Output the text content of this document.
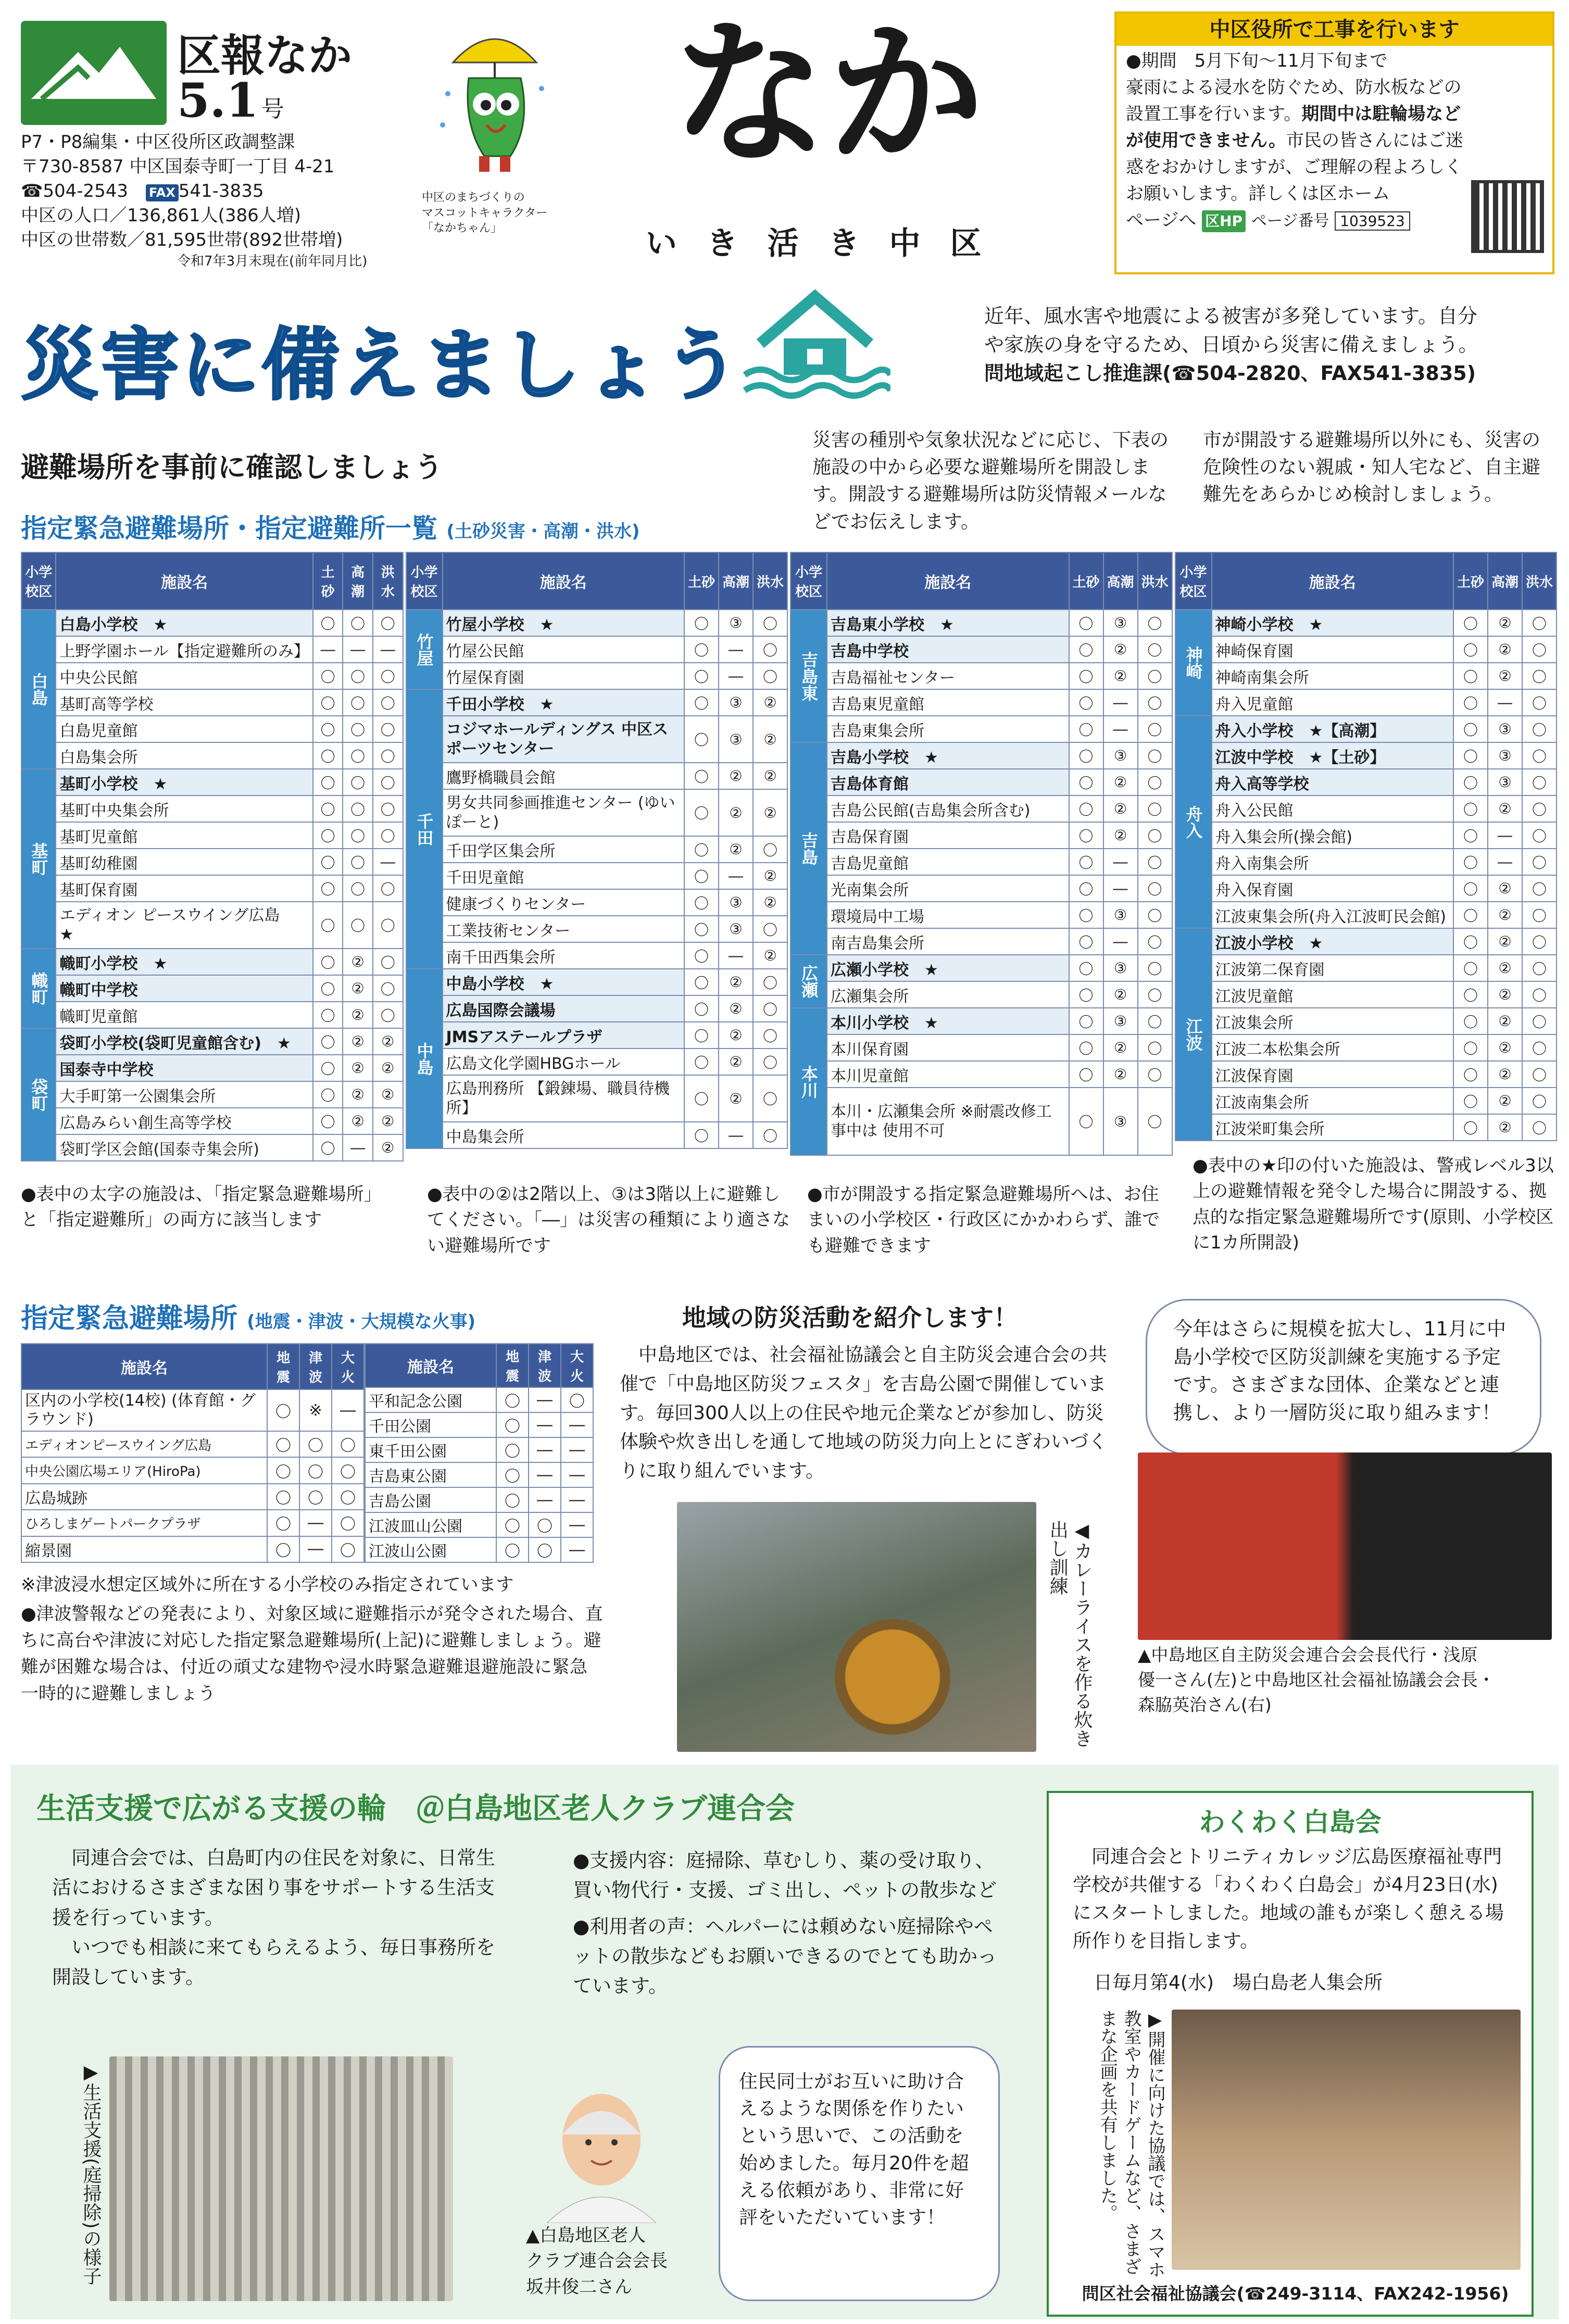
区報なか
5.1 号
P7・P8編集・中区役所区政調整課
〒730-8587 中区国泰寺町一丁目 4-21
☎504-2543　 FAX 541-3835
中区の人口／136,861人(386人増)
中区の世帯数／81,595世帯(892世帯増)
令和7年3月末現在(前年同月比)
中区のまちづくりの
マスコットキャラクター
「なかちゃん」
なか
い き 活 き 中 区
中区役所で工事を行います
●期間　5月下旬～11月下旬まで
豪雨による浸水を防ぐため、防水板などの
設置工事を行います。期間中は駐輪場など
が使用できません。市民の皆さんにはご迷
惑をおかけしますが、ご理解の程よろしく
お願いします。詳しくは区ホーム
ページへ 区HP ページ番号 1039523
災害に備えましょう
近年、風水害や地震による被害が多発しています。自分
や家族の身を守るため、日頃から災害に備えましょう。
問地域起こし推進課(☎504-2820、FAX541-3835)
避難場所を事前に確認しましょう
指定緊急避難場所・指定避難所一覧 (土砂災害・高潮・洪水)
災害の種別や気象状況などに応じ、下表の施設の中から必要な避難場所を開設します。開設する避難場所は防災情報メールなどでお伝えします。
市が開設する避難場所以外にも、災害の危険性のない親戚・知人宅など、自主避難先をあらかじめ検討しましょう。
小学校区	施設名	土砂	高潮	洪水
白島	白島小学校　★	〇	〇	〇
	上野学園ホール【指定避難所のみ】	―	―	―
	中央公民館	〇	〇	〇
	基町高等学校	〇	〇	〇
	白島児童館	〇	〇	〇
	白島集会所	〇	〇	〇
基町	基町小学校　★	〇	〇	〇
	基町中央集会所	〇	〇	〇
	基町児童館	〇	〇	〇
	基町幼稚園	〇	〇	―
	基町保育園	〇	〇	〇
	エディオン ピースウイング広島　★	〇	〇	〇
幟町	幟町小学校　★	〇	②	〇
	幟町中学校	〇	②	〇
	幟町児童館	〇	②	〇
袋町	袋町小学校(袋町児童館含む)　★	〇	②	②
	国泰寺中学校	〇	②	②
	大手町第一公園集会所	〇	②	②
	広島みらい創生高等学校	〇	②	②
	袋町学区会館(国泰寺集会所)	〇	―	②
小学校区	施設名	土砂	高潮	洪水
竹屋	竹屋小学校　★	〇	③	〇
	竹屋公民館	〇	―	〇
	竹屋保育園	〇	―	〇
千田	千田小学校　★	〇	③	②
	コジマホールディングス 中区スポーツセンター	〇	③	②
	鷹野橋職員会館	〇	②	②
	男女共同参画推進センター (ゆいぽーと)	〇	②	②
	千田学区集会所	〇	②	〇
	千田児童館	〇	―	②
	健康づくりセンター	〇	③	②
	工業技術センター	〇	③	〇
	南千田西集会所	〇	―	②
中島	中島小学校　★	〇	②	〇
	広島国際会議場	〇	②	〇
	JMSアステールプラザ	〇	②	〇
	広島文化学園HBGホール	〇	②	〇
	広島刑務所 【鍛錬場、職員待機所】	〇	②	〇
	中島集会所	〇	―	〇
小学校区	施設名	土砂	高潮	洪水
吉島東	吉島東小学校　★	〇	③	〇
	吉島中学校	〇	②	〇
	吉島福祉センター	〇	②	〇
	吉島東児童館	〇	―	〇
	吉島東集会所	〇	―	〇
吉島	吉島小学校　★	〇	③	〇
	吉島体育館	〇	②	〇
	吉島公民館(吉島集会所含む)	〇	②	〇
	吉島保育園	〇	②	〇
	吉島児童館	〇	―	〇
	光南集会所	〇	―	〇
	環境局中工場	〇	③	〇
	南吉島集会所	〇	―	〇
広瀬	広瀬小学校　★	〇	③	〇
	広瀬集会所	〇	②	〇
本川	本川小学校　★	〇	③	〇
	本川保育園	〇	②	〇
	本川児童館	〇	②	〇
	本川・広瀬集会所 ※耐震改修工事中は 使用不可	〇	③	〇
小学校区	施設名	土砂	高潮	洪水
神崎	神崎小学校　★	〇	②	〇
	神崎保育園	〇	②	〇
	神崎南集会所	〇	②	〇
	舟入児童館	〇	―	〇
舟入	舟入小学校　★【高潮】	〇	③	〇
	江波中学校　★【土砂】	〇	③	〇
	舟入高等学校	〇	③	〇
	舟入公民館	〇	②	〇
	舟入集会所(操会館)	〇	―	〇
	舟入南集会所	〇	―	〇
	舟入保育園	〇	②	〇
	江波東集会所(舟入江波町民会館)	〇	②	〇
江波	江波小学校　★	〇	②	〇
	江波第二保育園	〇	②	〇
	江波児童館	〇	②	〇
	江波集会所	〇	②	〇
	江波二本松集会所	〇	②	〇
	江波保育園	〇	②	〇
	江波南集会所	〇	②	〇
	江波栄町集会所	〇	②	〇
●表中の太字の施設は、「指定緊急避難場所」と「指定避難所」の両方に該当します
●表中の②は2階以上、③は3階以上に避難してください。「―」は災害の種類により適さない避難場所です
●市が開設する指定緊急避難場所へは、お住まいの小学校区・行政区にかかわらず、誰でも避難できます
●表中の★印の付いた施設は、警戒レベル3以上の避難情報を発令した場合に開設する、拠点的な指定緊急避難場所です(原則、小学校区に1カ所開設)
指定緊急避難場所 (地震・津波・大規模な火事)
施設名	地震	津波	大火
区内の小学校(14校) (体育館・グラウンド)	〇	※	―
エディオンピースウイング広島	〇	〇	〇
中央公園広場エリア(HiroPa)	〇	〇	〇
広島城跡	〇	〇	〇
ひろしまゲートパークプラザ	〇	―	〇
縮景園	〇	―	〇
施設名	地震	津波	大火
平和記念公園	〇	―	〇
千田公園	〇	―	―
東千田公園	〇	―	―
吉島東公園	〇	―	―
吉島公園	〇	―	―
江波皿山公園	〇	〇	―
江波山公園	〇	〇	―
※津波浸水想定区域外に所在する小学校のみ指定されています
●津波警報などの発表により、対象区域に避難指示が発令された場合、直ちに高台や津波に対応した指定緊急避難場所(上記)に避難しましょう。避難が困難な場合は、付近の頑丈な建物や浸水時緊急避難退避施設に緊急一時的に避難しましょう
地域の防災活動を紹介します！
中島地区では、社会福祉協議会と自主防災会連合会の共催で「中島地区防災フェスタ」を吉島公園で開催しています。毎回300人以上の住民や地元企業などが参加し、防災体験や炊き出しを通して地域の防災力向上とにぎわいづくりに取り組んでいます。
◀カレーライスを作る炊き出し訓練
今年はさらに規模を拡大し、11月に中島小学校で区防災訓練を実施する予定です。さまざまな団体、企業などと連携し、より一層防災に取り組みます！
▲中島地区自主防災会連合会会長代行・浅原
優一さん(左)と中島地区社会福祉協議会会長・
森脇英治さん(右)
生活支援で広がる支援の輪　＠白島地区老人クラブ連合会
同連合会では、白島町内の住民を対象に、日常生活におけるさまざまな困り事をサポートする生活支援を行っています。
いつでも相談に来てもらえるよう、毎日事務所を開設しています。
●支援内容：庭掃除、草むしり、薬の受け取り、買い物代行・支援、ゴミ出し、ペットの散歩など
●利用者の声：ヘルパーには頼めない庭掃除やペットの散歩などもお願いできるのでとても助かっています。
▶生活支援(庭掃除)の様子	▲白島地区老人
クラブ連合会会長
坂井俊二さん
住民同士がお互いに助け合えるような関係を作りたいという思いで、この活動を始めました。毎月20件を超える依頼があり、非常に好評をいただいています！
わくわく白島会
同連合会とトリニティカレッジ広島医療福祉専門学校が共催する「わくわく白島会」が4月23日(水)にスタートしました。地域の誰もが楽しく憩える場所作りを目指します。
日毎月第4(水)　場白島老人集会所
▶開催に向けた協議では、スマホ教室やカードゲームなど、さまざまな企画を共有しました。
問区社会福祉協議会(☎249-3114、FAX242-1956)
